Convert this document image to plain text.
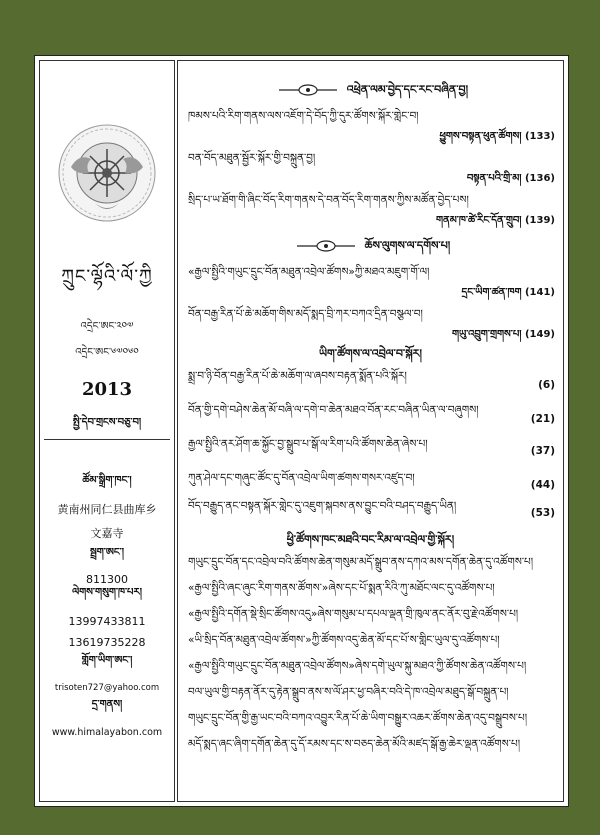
ཀྲུང་ལྷོའི་ལོ་ཀྱི
འདྲེང་ཨང་༢༠༧
འདྲེང་ཨང་༦༧༠༦༠
2013
སྤྱི་དེབ་གྲངས་བཅུ་བ།
ཚོམ་སྒྲིག་ཁང་།
黄南州同仁县曲库乡
文嘉寺
སྦྲག་ཨང་།
811300
ལེགས་གསུག་ཁ་པར།
13997433811
13619735228
གློག་ཡིག་ཨང་།
trisoten727@yahoo.com
དྲ་གནས།
www.himalayabon.com
འཕྲེན་ལམ་བྱེད་དང་རང་བཞིན་བྱ།
ཁམས་པའི་རིག་གནས་ལས་འཇོག་དེ་བོད་ཀྱི་དུར་ཚོགས་སྐོར་གླེང་བ།
ཕྱུགས་བསྟན་ཕུན་ཚོགས། (133)
བན་བོད་མཐུན་སྦྱོར་སྐོར་གྱི་བསྐྲུན་བྱ།
བསྟན་པའི་གྲི་མ། (136)
སྲིད་པ་ཡ་ཐོག་གི་ཞིང་བོད་རིག་གནས་དེ་བན་བོད་རིག་གནས་ཀྱིས་མཚོན་བྱེད་པས།
གནམ་ཁ་ཚེ་རིང་དོན་གྲུབ། (139)
ཆོས་ལུགས་ལ་དགོས་པ།
«རྒྱལ་སྤྱིའི་གཡུང་དྲུང་བོན་མཐུན་འབྲེལ་ཚོགས»ཀྱི་མཐའ་མཇུག་གོ་ལ།
དྲང་ཡིག་ཚན་ཁག (141)
བོན་བརྒྱ་རིན་པོ་ཆེ་མཆོག་གིས་མདོ་སྨད་བྲི་ཀར་བཀའ་དྲིན་བསྩལ་བ།
གཡུ་འབྲུག་གྲགས་པ། (149)
ཡིག་ཚོགས་ལ་འབྲེལ་བ་སྐོར།
སྨྲ་བ་ཉི་བོན་བརྒྱ་རིན་པོ་ཆེ་མཆོག་ལ་ཞབས་བརྟན་སྨོན་པའི་སྐོར།
(6)
བོན་གྱི་དགེ་བཤེས་ཆེན་མོ་བཞི་ལ་དགེ་བ་ཆེན་མཐའ་བོན་རང་བཞིན་ཡིན་ལ་བཞུགས།
(21)
རྒྱལ་སྤྱིའི་ནར་ཤོག་ཆ་སྐྱོང་བྱ་སྒྲུབ་པ་སྒོ་ལ་རིག་པའི་ཚོགས་ཆེན་ཞེས་པ།
(37)
ཀུན་ཤེལ་དང་གཞུང་ཚོང་དུ་བོན་འབྲེལ་ཡིག་ཚགས་གསར་འཛུད་བ།
(44)
བོད་བརྒྱུད་ནང་བསྟན་སྐོར་གླེང་དུ་འཇུག་སྐབས་ནས་བྱུང་བའི་བཤད་བརྒྱུད་ཡིན།
(53)
ཕྱི་ཚོགས་ཁང་མཐའི་བང་རིམ་ལ་འབྲེལ་གྱི་སྐོར།
གཡུང་དྲུང་བོན་དང་འབྲེལ་བའི་ཚོགས་ཆེན་གསུམ་མདོ་སྒྲུབ་ནས་དཀའ་མས་དགོན་ཆེན་དུ་འཚོགས་པ།
«རྒྱལ་སྤྱིའི་ཞང་ཞུང་རིག་གནས་ཚོགས་»ཞེས་དང་པོ་སྨན་རིའི་ཀུ་མཐོང་ལང་དུ་འཚོགས་པ།
«རྒྱལ་སྤྱིའི་དགོན་སྡེ་སྲིང་ཚོགས་འདུ»ཞེས་གསུམ་པ་དཔལ་ལྡན་གྲི་ཁུལ་ནང་ནོར་བུ་རྗེ་འཚོགས་པ།
«ཡི་སྲིད་བོན་མཐུན་འབྲེལ་ཚོགས་»ཀྱི་ཚོགས་འདུ་ཆེན་མོ་དང་པོ་ས་གླིང་ཡུལ་དུ་འཚོགས་པ།
«རྒྱལ་སྤྱིའི་གཡུང་དྲུང་བོན་མཐུན་འབྲེལ་ཚོགས»ཞེས་དགེ་ཡུལ་སྐུ་མཐའ་ཀྱི་ཚོགས་ཆེན་འཚོགས་པ།
བལ་ཡུལ་གྱི་བརྟན་ནོར་དུ་རྟེན་སྒྲུབ་ནས་ས་ལོ་ཤར་ཕྱ་བཞིར་བའི་དེ་ཁ་འབྲེལ་མཐུད་སྒོ་བསྐྲུན་པ།
གཡུང་དྲུང་བོན་གྱི་རྒྱ་ཡང་བའི་བཀའ་འབྱུར་རིན་པོ་ཆེ་ཡིག་བསྒྱུར་འཆར་ཚོགས་ཆེན་འདུ་བསྒྲུབས་པ།
མདོ་སྨད་ཞང་ཞིག་དགོན་ཆེན་དུ་དོ་རམས་དང་ས་བཅད་ཆེན་མོའི་མཛད་སྒོ་རྒྱ་ཆེར་ལྡན་འཚོགས་པ།
